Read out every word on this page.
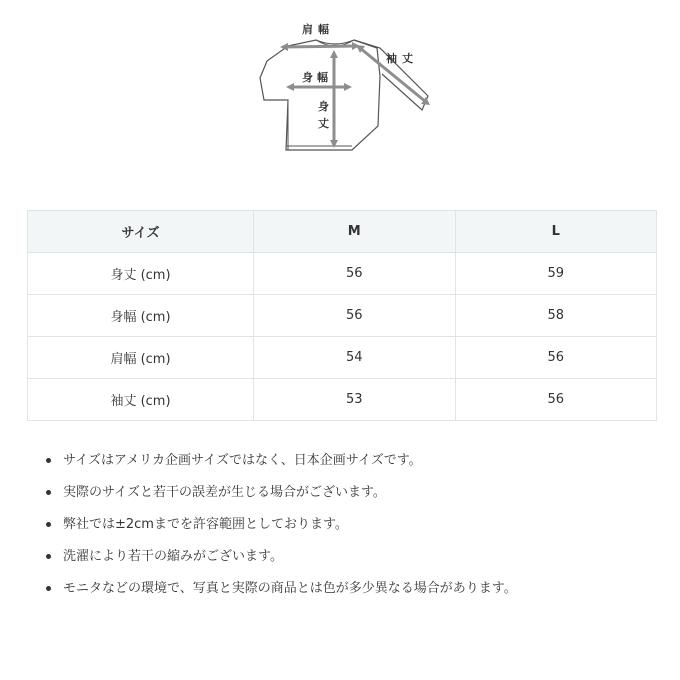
肩幅
身幅
身 丈
袖丈
サイズ	M	L
身丈 (cm)	56	59
身幅 (cm)	56	58
肩幅 (cm)	54	56
袖丈 (cm)	53	56
サイズはアメリカ企画サイズではなく、日本企画サイズです。
実際のサイズと若干の誤差が生じる場合がございます。
弊社では±2cmまでを許容範囲としております。
洗濯により若干の縮みがございます。
モニタなどの環境で、写真と実際の商品とは色が多少異なる場合があります。
